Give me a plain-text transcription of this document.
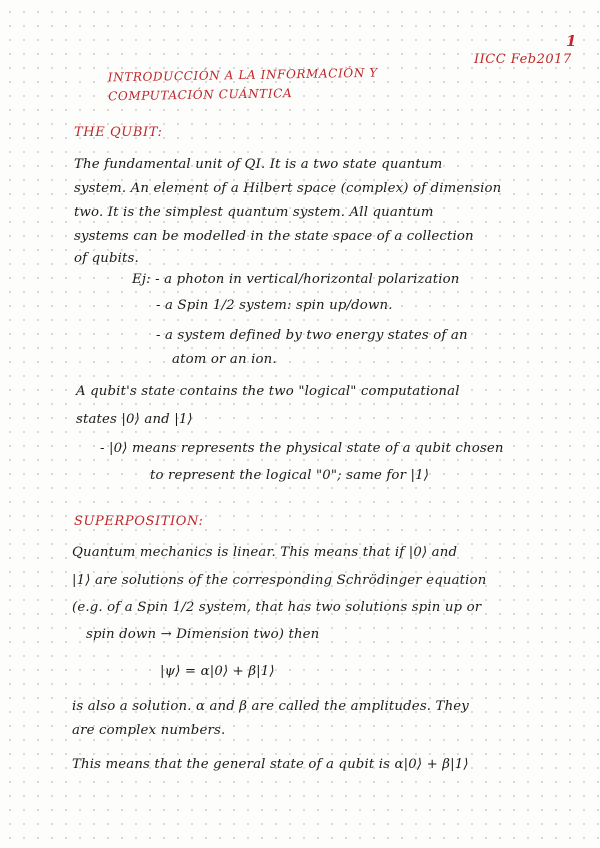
1
IICC Feb2017
INTRODUCCIÓN A LA INFORMACIÓN Y
COMPUTACIÓN CUÁNTICA
THE QUBIT:
The fundamental unit of QI. It is a two state quantum
system. An element of a Hilbert space (complex) of dimension
two. It is the simplest quantum system. All quantum
systems can be modelled in the state space of a collection
of qubits.
Ej: - a photon in vertical/horizontal polarization
- a Spin 1/2 system: spin up/down.
- a system defined by two energy states of an
atom or an ion.
A qubit's state contains the two "logical" computational
states |0⟩ and |1⟩
- |0⟩ means represents the physical state of a qubit chosen
to represent the logical "0"; same for |1⟩
SUPERPOSITION:
Quantum mechanics is linear. This means that if |0⟩ and
|1⟩ are solutions of the corresponding Schrödinger equation
(e.g. of a Spin 1/2 system, that has two solutions spin up or
spin down → Dimension two) then
|ψ⟩ = α|0⟩ + β|1⟩
is also a solution. α and β are called the amplitudes. They
are complex numbers.
This means that the general state of a qubit is α|0⟩ + β|1⟩
